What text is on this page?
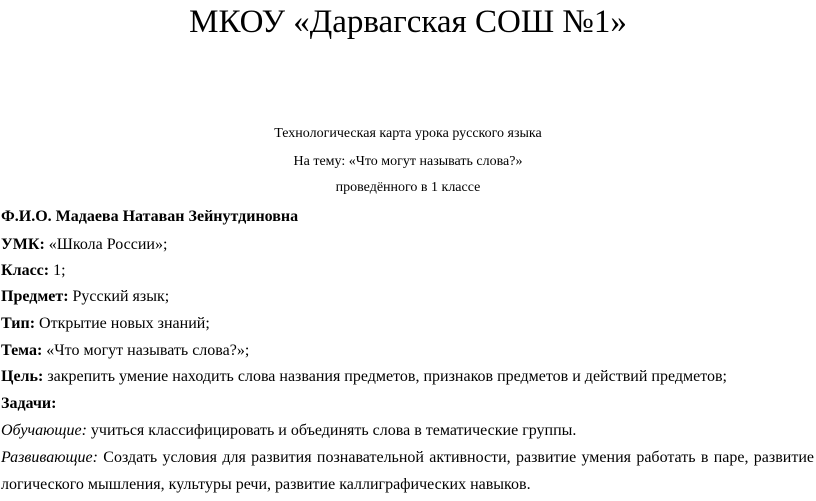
МКОУ «Дарвагская СОШ №1»
Технологическая карта урока русского языка
На тему: «Что могут называть слова?»
проведённого в 1 классе
Ф.И.О. Мадаева Натаван Зейнутдиновна
УМК: «Школа России»;
Класс: 1;
Предмет: Русский язык;
Тип: Открытие новых знаний;
Тема: «Что могут называть слова?»;
Цель: закрепить умение находить слова названия предметов, признаков предметов и действий предметов;
Задачи:
Обучающие: учиться классифицировать и объединять слова в тематические группы.
Развивающие: Создать условия для развития познавательной активности, развитие умения работать в паре, развитие
логического мышления, культуры речи, развитие каллиграфических навыков.
